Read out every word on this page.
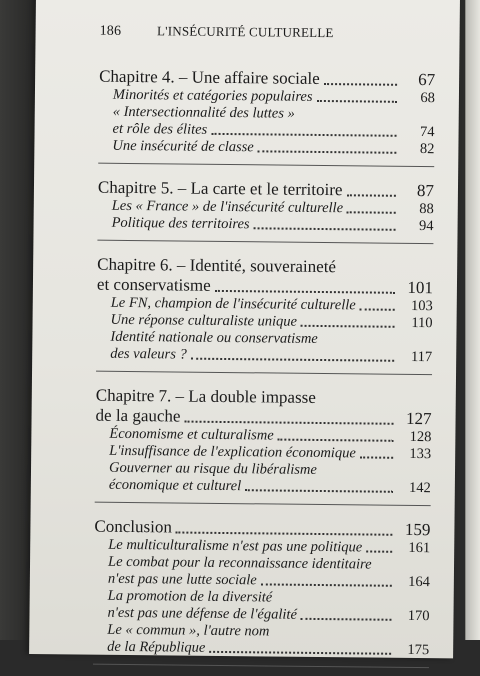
186	L'INSÉCURITÉ CULTURELLE
Chapitre 4. – Une affaire sociale	67
Minorités et catégories populaires	68
« Intersectionnalité des luttes »
et rôle des élites	74
Une insécurité de classe	82
Chapitre 5. – La carte et le territoire	87
Les « France » de l'insécurité culturelle	88
Politique des territoires	94
Chapitre 6. – Identité, souveraineté
et conservatisme	101
Le FN, champion de l'insécurité culturelle	103
Une réponse culturaliste unique	110
Identité nationale ou conservatisme
des valeurs ?	117
Chapitre 7. – La double impasse
de la gauche	127
Économisme et culturalisme	128
L'insuffisance de l'explication économique	133
Gouverner au risque du libéralisme
économique et culturel	142
Conclusion	159
Le multiculturalisme n'est pas une politique	161
Le combat pour la reconnaissance identitaire
n'est pas une lutte sociale	164
La promotion de la diversité
n'est pas une défense de l'égalité	170
Le « commun », l'autre nom
de la République	175
